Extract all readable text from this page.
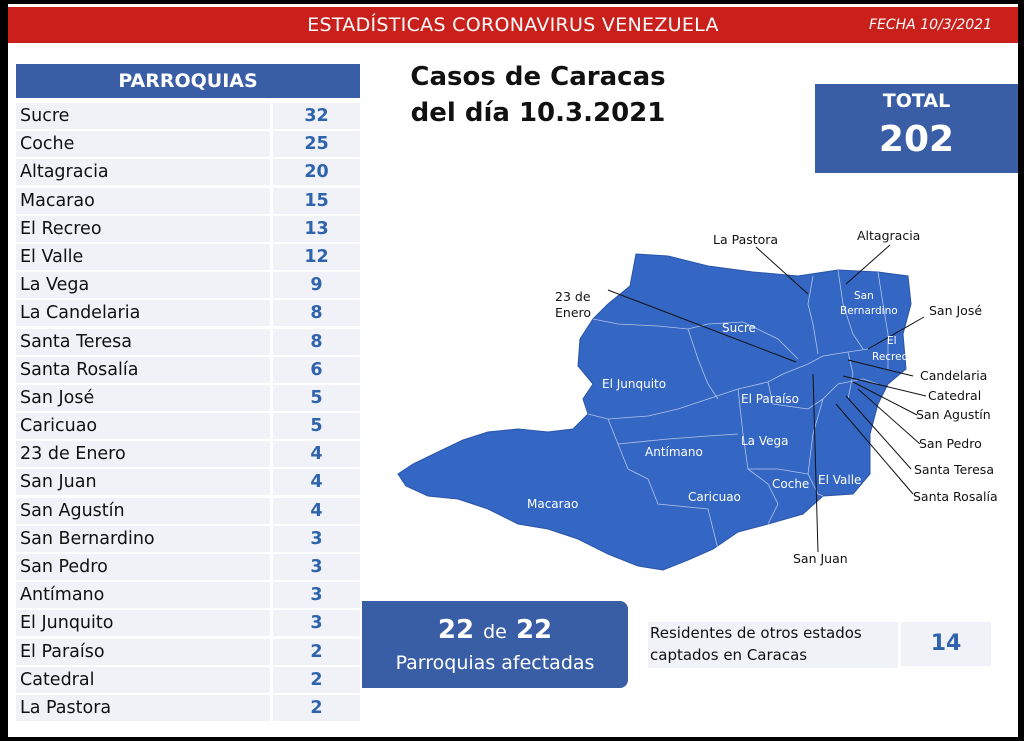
ESTADÍSTICAS CORONAVIRUS VENEZUELA	FECHA 10/3/2021
PARROQUIAS
Sucre	32
Coche	25
Altagracia	20
Macarao	15
El Recreo	13
El Valle	12
La Vega	9
La Candelaria	8
Santa Teresa	8
Santa Rosalía	6
San José	5
Caricuao	5
23 de Enero	4
San Juan	4
San Agustín	4
San Bernardino	3
San Pedro	3
Antímano	3
El Junquito	3
El Paraíso	2
Catedral	2
La Pastora	2
Casos de Caracas
del día 10.3.2021	TOTAL
202
La Pastora	Altagracia
23 de
Enero	San José
Candelaria
Catedral
San Agustín
San Pedro
Santa Teresa
Santa Rosalía
San Juan
San
Bernardino
El
Recreo
Sucre
El Junquito
El Paraíso
La Vega
Antímano
Caricuao
Coche El Valle
Macarao
22 de 22
Parroquias afectadas
Residentes de otros estados
captados en Caracas	14
